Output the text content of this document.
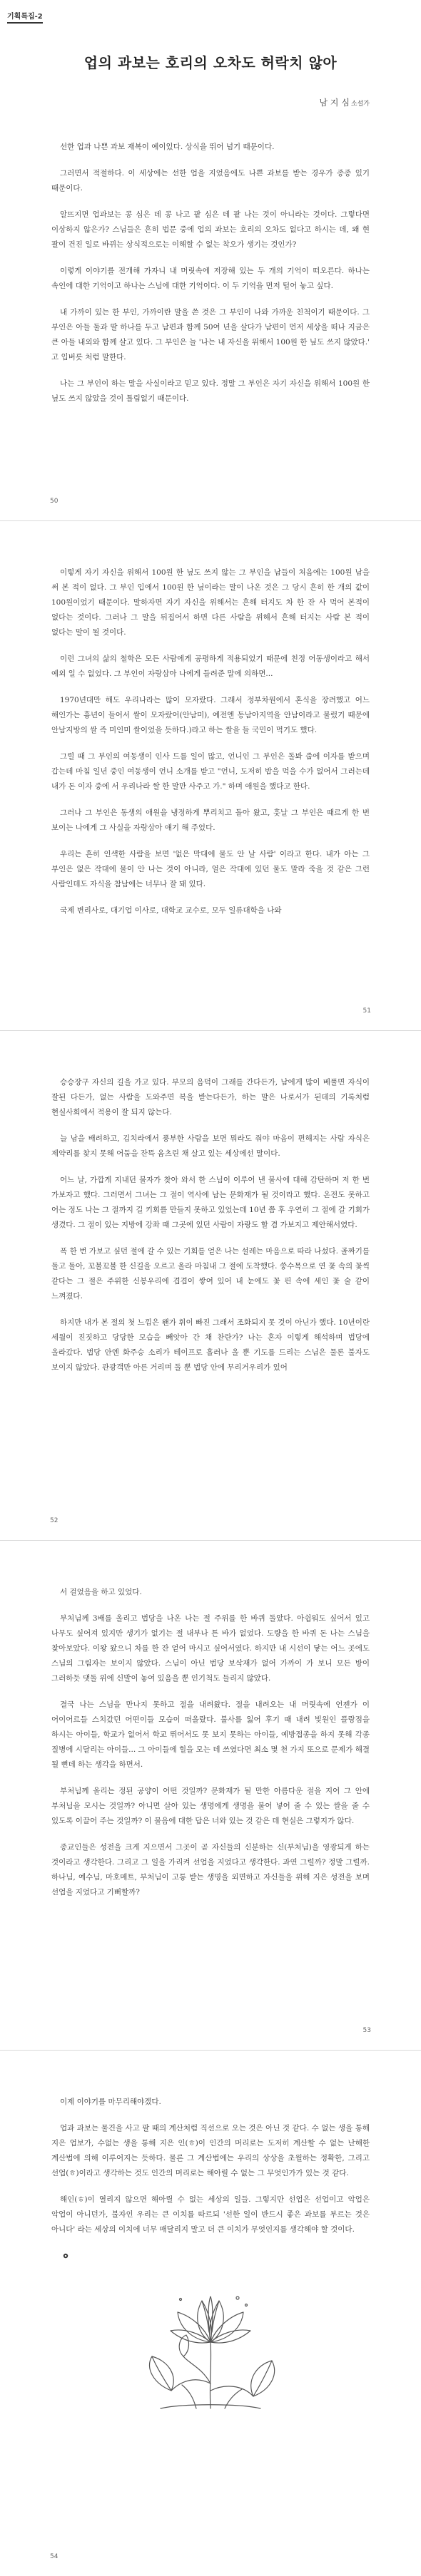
기획특집-2
업의 과보는 호리의 오차도 허락치 않아
남 지 심 소설가

선한 업과 나쁜 과보 재복이 예이있다. 상식을 뛰어 넘기 때문이다.

그러면서 적절하다. 이 세상에는 선한 업을 지었음에도 나쁜 과보를 받는 경우가 종종 있기 때문이다.

알뜨지면 업과보는 콩 심은 데 콩 나고 팥 심은 데 팥 나는 것이 아니라는 것이다. 그렇다면 이상하지 않은가? 스님들은 흔히 법문 중에 업의 과보는 호리의 오차도 없다고 하시는 데, 왜 현 팔이 건진 일로 바뀌는 상식적으로는 이해할 수 없는 착오가 생기는 것인가?

이렇게 이야기를 전개해 가자니 내 머릿속에 저장해 있는 두 개의 기억이 떠오른다. 하나는 속인에 대한 기억이고 하나는 스님에 대한 기억이다. 이 두 기억을 먼저 털어 놓고 싶다.

내 가까이 있는 한 부인, 가까이란 말을 쓴 것은 그 부인이 나와 가까운 친척이기 때문이다. 그 부인은 아들 둘과 딸 하나를 두고 남편과 함께 50여 년을 살다가 남편이 먼저 세상을 떠나 지금은 큰 아들 내외와 함께 살고 있다. 그 부인은 늘 '나는 내 자신을 위해서 100원 한 닢도 쓰지 않았다.' 고 입버릇 처럼 말한다.

나는 그 부인이 하는 말을 사실이라고 믿고 있다. 정말 그 부인은 자기 자신을 위해서 100원 한 닢도 쓰지 않았을 것이 틀림없기 때문이다.

50

이렇게 자기 자신을 위해서 100원 한 닢도 쓰지 않는 그 부인을 남들이 처음에는 100원 남을 써 본 적이 없다. 그 부인 입에서 100원 한 닢이라는 말이 나온 것은 그 당시 흔히 한 개의 값이 100원이었기 때문이다. 말하자면 자기 자신을 위해서는 흔해 터지도 차 한 잔 사 먹어 본적이 없다는 것이다. 그러나 그 말을 뒤집어서 하면 다른 사람을 위해서 흔해 터지는 사람 본 적이 없다는 말이 될 것이다.

이런 그녀의 삶의 철학은 모든 사람에게 공평하게 적용되었기 때문에 친정 어동생이라고 해서 예외 일 수 없었다. 그 부인이 자랑삼아 나에게 들려준 말에 의하면...

1970년대만 해도 우리나라는 많이 모자랐다. 그래서 정부차원에서 혼식을 장려했고 어느 해인가는 흉년이 들어서 쌀이 모자랐어(안남미), 예전엔 동남아지역을 안남이라고 불렀기 때문에 안남지방의 쌀 즉 미인미 쌀이었을 듯하다.)라고 하는 쌀을 들 국민이 먹기도 했다.

그럴 때 그 부인의 여동생이 인사 드를 일이 많고, 언니인 그 부인은 돌봐 줍에 이자를 받으며 갑는데 마침 일년 중인 여동생이 언니 소개를 받고 "언니, 도저히 밥을 먹을 수가 없어서 그러는데 내가 돈 이자 중에 서 우리나라 쌀 한 말만 사주고 가." 하며 애원을 했다고 한다.

그러나 그 부인은 동생의 애원을 냉정하게 뿌리치고 돌아 왔고, 훗날 그 부인은 때르게 한 번 보이는 나에게 그 사실을 자랑삼아 얘기 해 주었다.

우리는 흔히 인색한 사람을 보면 '없은 막대에 물도 안 날 사람' 이라고 한다. 내가 아는 그 부인은 없은 작대에 물이 안 나는 것이 아니라, 얼은 작대에 있던 물도 말라 죽을 것 같은 그런 사람인데도 자식을 참남에는 너무나 잘 돼 있다.

국제 변리사로, 대기업 이사로, 대학교 교수로, 모두 일류대학을 나와

51

승승장구 자신의 길을 가고 있다. 부모의 음덕이 그래를 간다든가, 남에게 많이 베풀면 자식이 잘된 다든가, 없는 사람을 도와주면 복을 받는다든가, 하는 말은 나로서가 된데의 기록처럼 현실사회에서 적용이 잘 되지 않는다.

늘 남을 배려하고, 김치라에서 풍부한 사람을 보면 뭐라도 줘야 마음이 편해지는 사람 자식은 제약리를 찾지 못해 어둠을 잔뜩 움츠린 채 살고 있는 세상에선 말이다.

어느 날, 가깝게 지내던 불자가 찾아 와서 한 스님이 이루어 낸 불사에 대해 감탄하며 저 한 번 가보자고 했다. 그러면서 그녀는 그 절이 역사에 남는 문화재가 될 것이라고 했다. 온전도 못하고 어는 정도 나는 그 절까지 길 키회를 만들지 못하고 있었는데 10년 쯤 후 우연히 그 절에 갈 기회가 생겼다. 그 절이 있는 지방에 강좌 때 그곳에 있던 사람이 자랑도 할 겸 가보지고 제안해서였다.

폭 한 번 가보고 싶던 절에 갈 수 있는 기회를 얻은 나는 설레는 마음으로 따라 나섰다. 골짜기를 돌고 돌아, 꼬불꼬불 한 신길을 오르고 올라 마침내 그 절에 도착했다. 쑹수목으로 연 꽃 속의 꽃씩 같다는 그 절은 주위한 신봉우리에 겹겹이 쌓여 있어 내 눈에도 꽃 핀 속에 세인 꽃 술 같이 느껴졌다.

하지만 내가 본 절의 첫 느낌은 왠가 휘이 빠진 그래서 조화되지 못 것이 아닌가 했다. 10년이란 세월이 진짓하고 당당한 모습을 빼앗아 간 채 찬란가? 나는 혼자 이렇게 해석하며 법당에 올라갔다. 법당 안엔 화주승 소리가 테이프로 흘러나 올 뿐 기도를 드리는 스님은 물론 불자도 보이지 않았다. 관광객만 아른 거리며 돌 뿐 법당 안에 무리거우리가 있어

52

서 걸었음을 하고 있었다.

부처님께 3배를 올리고 법당을 나온 나는 절 주위를 한 바퀴 돌았다. 아쉽워도 싶어서 있고 나무도 싶어져 있지만 생기가 없기는 절 내부나 튼 바가 없었다. 도량을 한 바퀴 돈 나는 스님을 찾아보았다. 이왕 왔으니 차를 한 잔 얻어 마시고 싶어서였다. 하지만 내 시선이 닿는 어느 곳에도 스님의 그림자는 보이지 않았다. 스님이 아닌 법당 보삭재가 없어 가까이 가 보니 모든 방이 그러하듯 댓돌 위에 신발이 놓여 있음을 뿐 인기척도 들리지 않았다.

결국 나는 스님을 만나지 못하고 절을 내려왔다. 절을 내려오는 내 머릿속에 언젠가 이 어이어르들 스치갔던 어떤이들 모습이 떠올랐다. 불사를 잃어 후기 때 내려 빛원인 플랑점을 하시는 아이들, 학교가 없어서 학교 뛰어서도 못 보지 못하는 아이들, 예방접종을 하지 못해 각종 질병에 시달리는 아이들... 그 아이들에 힐을 모는 데 쓰였다면 최소 몇 천 가지 또으로 문제가 해결 될 뻔데 하는 생각을 하면서.

부처님께 올리는 정된 공양이 어떤 것일까? 문화재가 될 만한 아름다운 절을 지어 그 안에 부처님을 모시는 것일까? 아니면 살아 있는 생명에게 생명을 불어 넣어 줄 수 있는 쌀을 줄 수 있도록 이끌어 주는 것일까? 이 물음에 대한 답은 너와 있는 것 같은 데 현실은 그렇지가 않다.

종교인들은 성전을 크게 지으면서 그곳이 곧 자신들의 신분하는 신(부처님)을 영광되게 하는 것이라고 생각한다. 그리고 그 일을 가리켜 선업을 지었다고 생각한다. 과연 그럴까? 정말 그럴까. 하나님, 예수님, 마호메트, 부처님이 고통 받는 생명을 외면하고 자신들을 위해 지은 성전을 보며 선업을 지었다고 기뻐할까?

53

이제 이야기를 마무리해야겠다.

업과 과보는 물건을 사고 팔 때의 계산처럼 직선으로 오는 것은 아닌 것 같다. 수 없는 생을 통해 지은 업보가, 수없는 생을 통해 지은 인(ㅎ)이 인간의 머리로는 도저히 계산할 수 없는 난해한 계산법에 의해 이루어지는 듯하다. 물론 그 계산법에는 우리의 상상을 초월하는 정확한, 그리고 선업(ㅎ)이라고 생각하는 것도 인간의 머리로는 해아릴 수 없는 그 무엇인가가 있는 것 같다.

해인(ㅎ)이 열리지 않으면 해아릴 수 없는 세상의 일들. 그렇지만 선업은 선업이고 악업은 악업이 아니던가, 불자인 우리는 큰 이치를 따르되 '선한 일이 반드시 좋은 과보를 부르는 것은 아니다' 라는 세상의 이치에 너무 매달리지 말고 더 큰 이치가 무엇인지를 생각해야 할 것이다.

54
